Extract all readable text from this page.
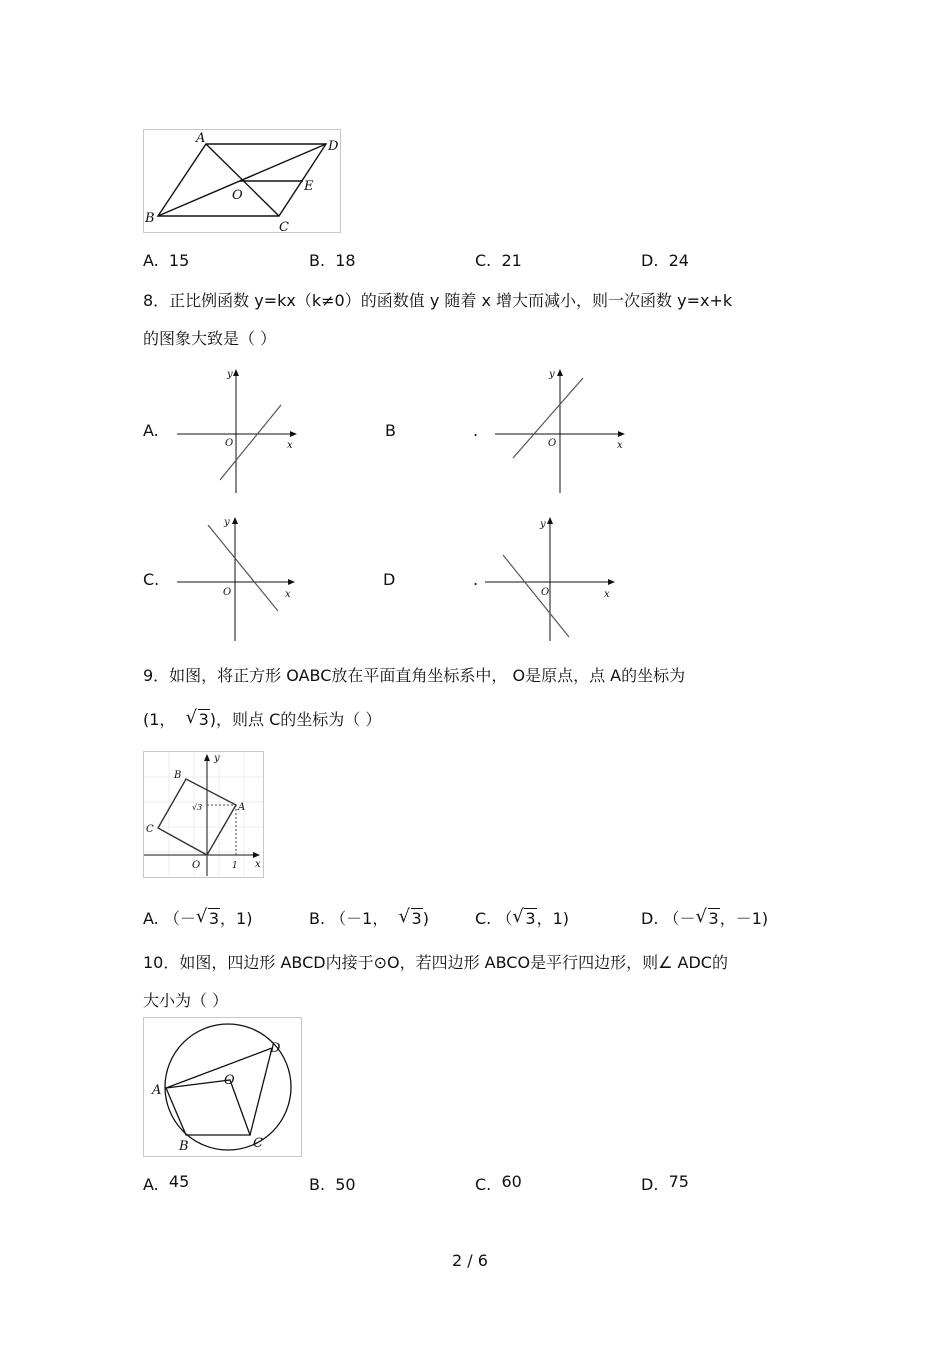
A
D
E
O
B
C
A. 15	B. 18	C. 21	D. 24
8．正比例函数 y=kx（k≠0）的函数值 y 随着 x 增大而减小，则一次函数 y=x+k
的图象大致是（ ）
A.	B	.
C.	D	.
y
x
O
y
x
O
y
x
O
y
x
O
9．如图，将正方形 OABC放在平面直角坐标系中， O是原点，点 A的坐标为
(1， √ 3)，则点 C的坐标为（ ）
y
x
O	1
A
B
C
√3
A. （－ √ 3，1)	B. （－1， √ 3)	C. （ √ 3，1)	D. （－ √ 3，－1)
10．如图，四边形 ABCD内接于⊙O，若四边形 ABCO是平行四边形，则∠ ADC的
大小为（ ）
A
B	C
D
O
A. 45	B. 50	C. 60	D. 75
2 / 6
